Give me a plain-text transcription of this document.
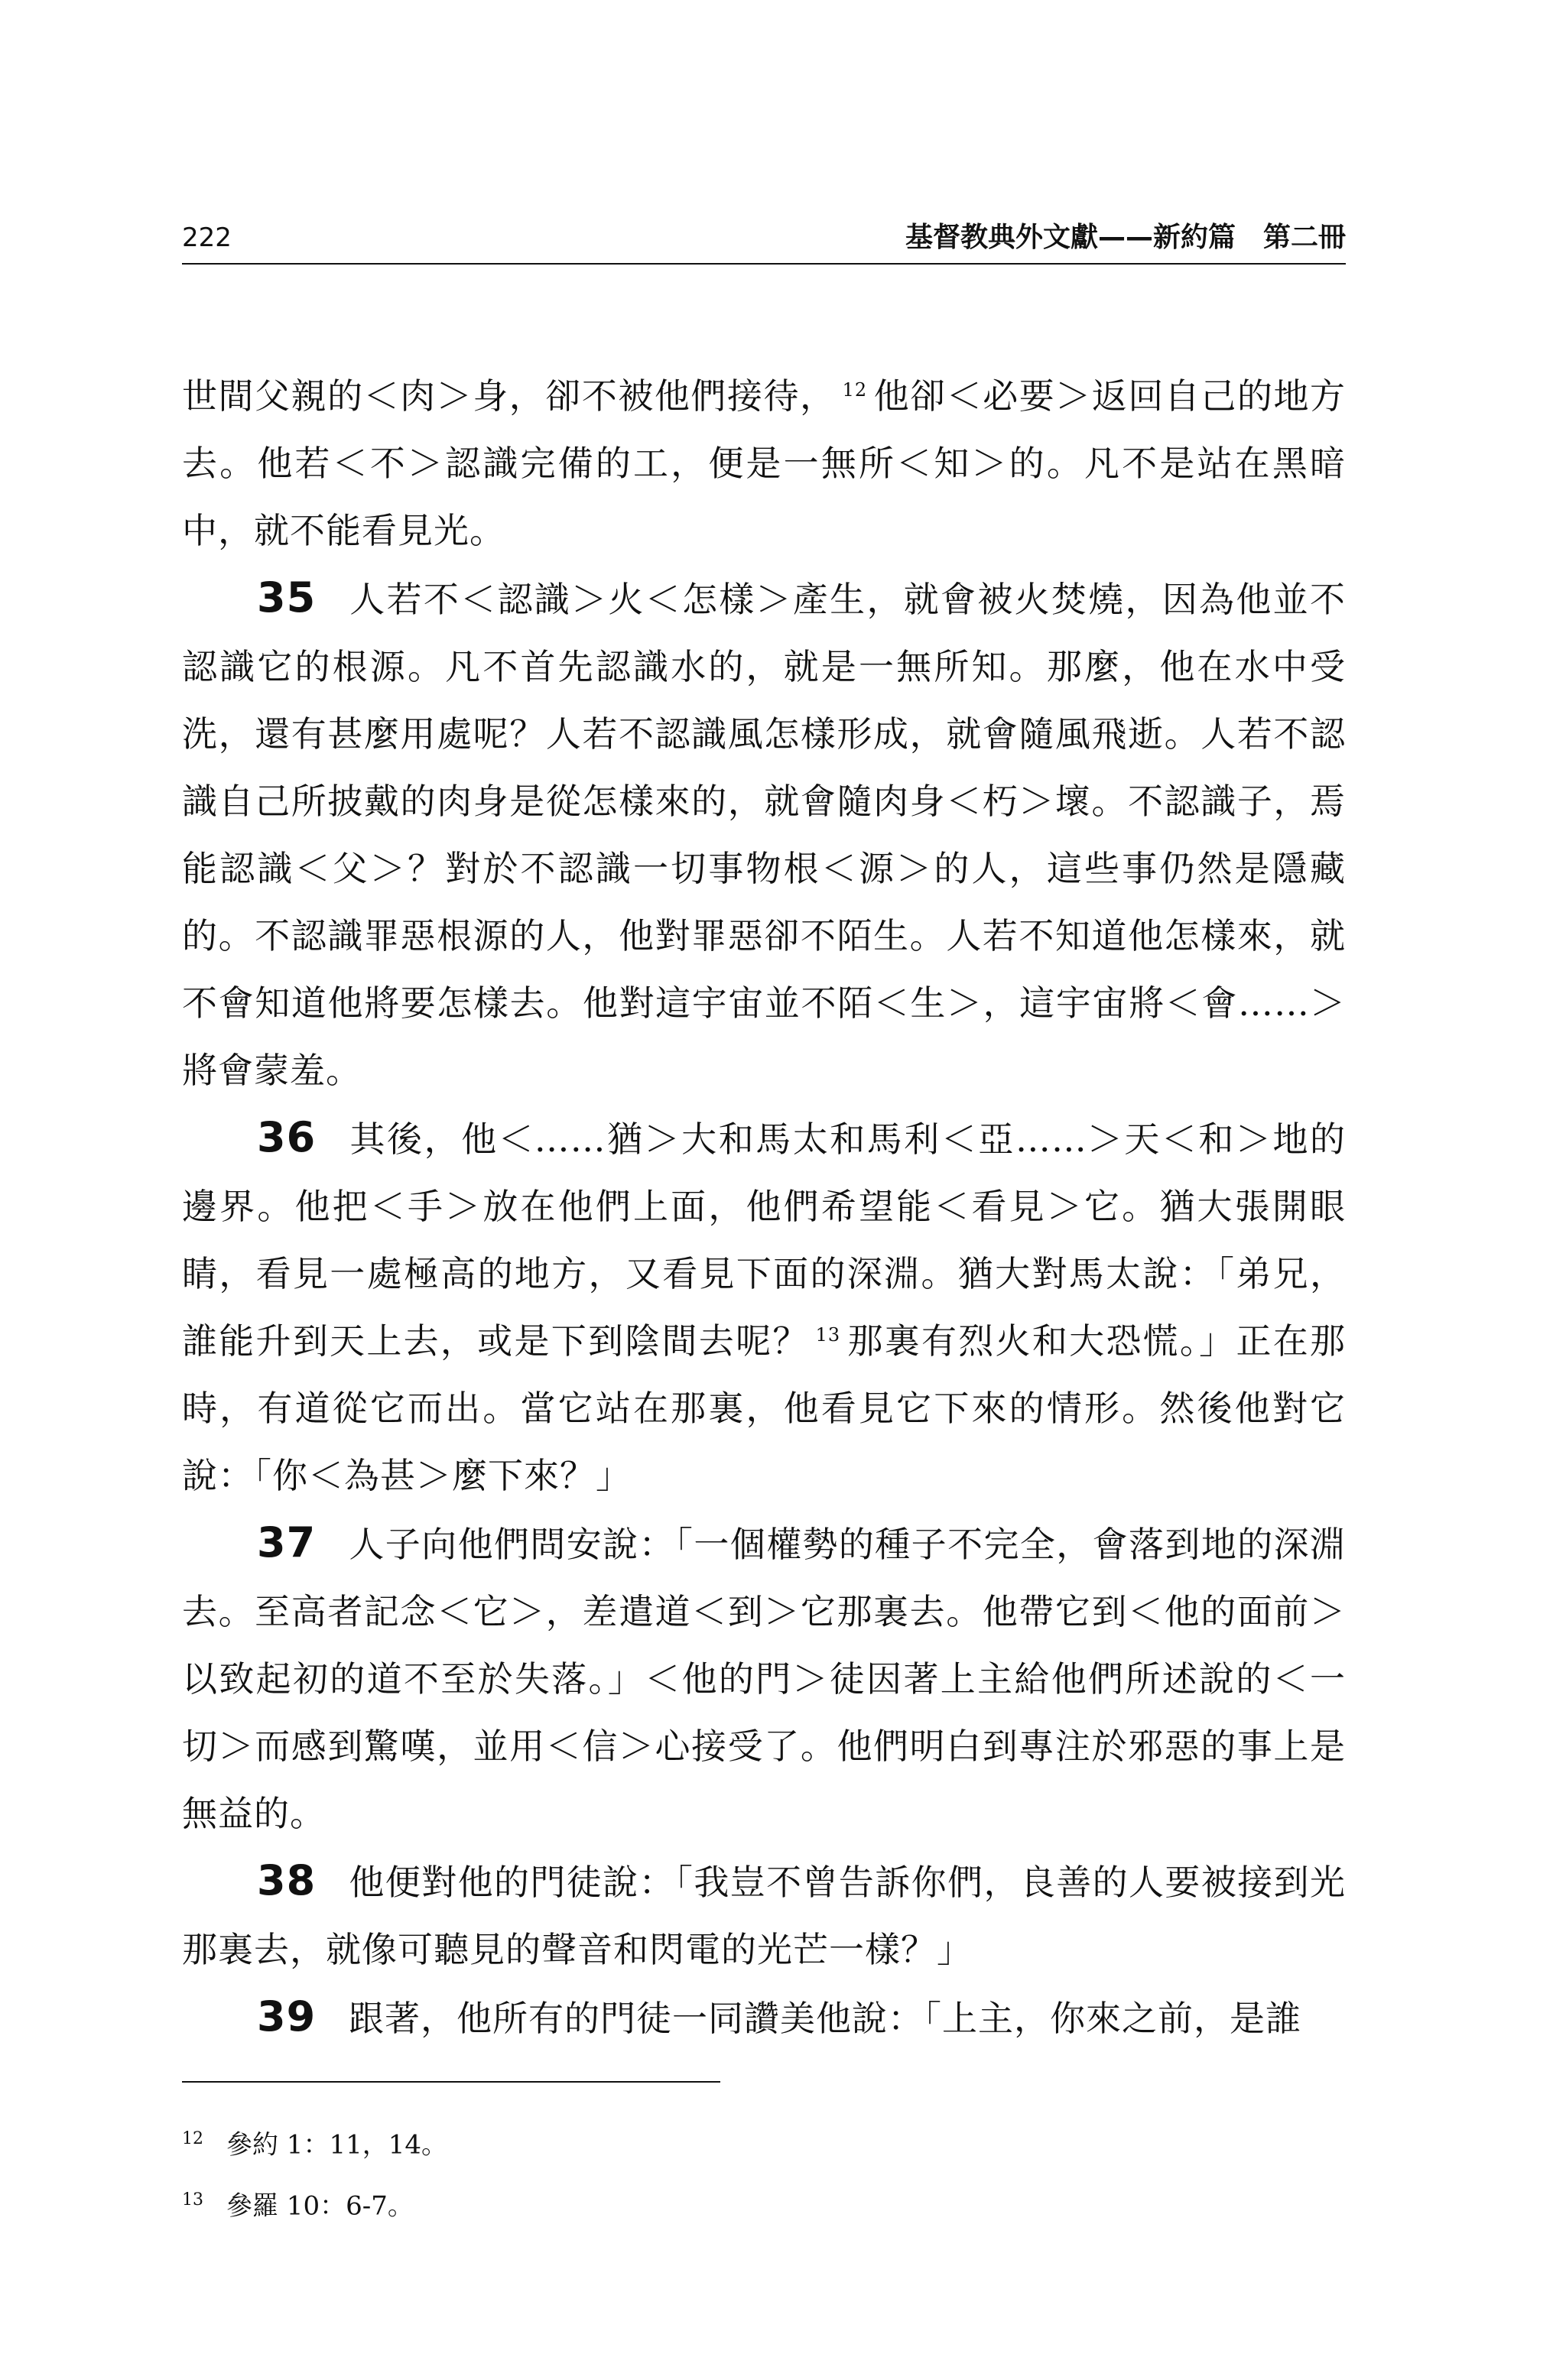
222	基督教典外文獻——新約篇　第二冊

世間父親的＜肉＞身，卻不被他們接待， $^{12}$ 他卻＜必要＞返回自己的地方去。他若＜不＞認識完備的工，便是一無所＜知＞的。凡不是站在黑暗中，就不能看見光。

35 人若不＜認識＞火＜怎樣＞產生，就會被火焚燒，因為他並不認識它的根源。凡不首先認識水的，就是一無所知。那麼，他在水中受洗，還有甚麼用處呢？人若不認識風怎樣形成，就會隨風飛逝。人若不認識自己所披戴的肉身是從怎樣來的，就會隨肉身＜朽＞壞。不認識子，焉能認識＜父＞？對於不認識一切事物根＜源＞的人，這些事仍然是隱藏的。不認識罪惡根源的人，他對罪惡卻不陌生。人若不知道他怎樣來，就不會知道他將要怎樣去。他對這宇宙並不陌＜生＞，這宇宙將＜會……＞將會蒙羞。

36 其後，他＜……猶＞大和馬太和馬利＜亞……＞天＜和＞地的邊界。他把＜手＞放在他們上面，他們希望能＜看見＞它。猶大張開眼睛，看見一處極高的地方，又看見下面的深淵。猶大對馬太說：「弟兄，誰能升到天上去，或是下到陰間去呢？ $^{13}$ 那裏有烈火和大恐慌。」正在那時，有道從它而出。當它站在那裏，他看見它下來的情形。然後他對它說：「你＜為甚＞麼下來？」

37 人子向他們問安說：「一個權勢的種子不完全，會落到地的深淵去。至高者記念＜它＞，差遣道＜到＞它那裏去。他帶它到＜他的面前＞以致起初的道不至於失落。」＜他的門＞徒因著上主給他們所述說的＜一切＞而感到驚嘆，並用＜信＞心接受了。他們明白到專注於邪惡的事上是無益的。

38 他便對他的門徒說：「我豈不曾告訴你們，良善的人要被接到光那裏去，就像可聽見的聲音和閃電的光芒一樣？」

39 跟著，他所有的門徒一同讚美他說：「上主，你來之前，是誰

$^{12}$ 參約 1：11，14。
$^{13}$ 參羅 10：6-7。
